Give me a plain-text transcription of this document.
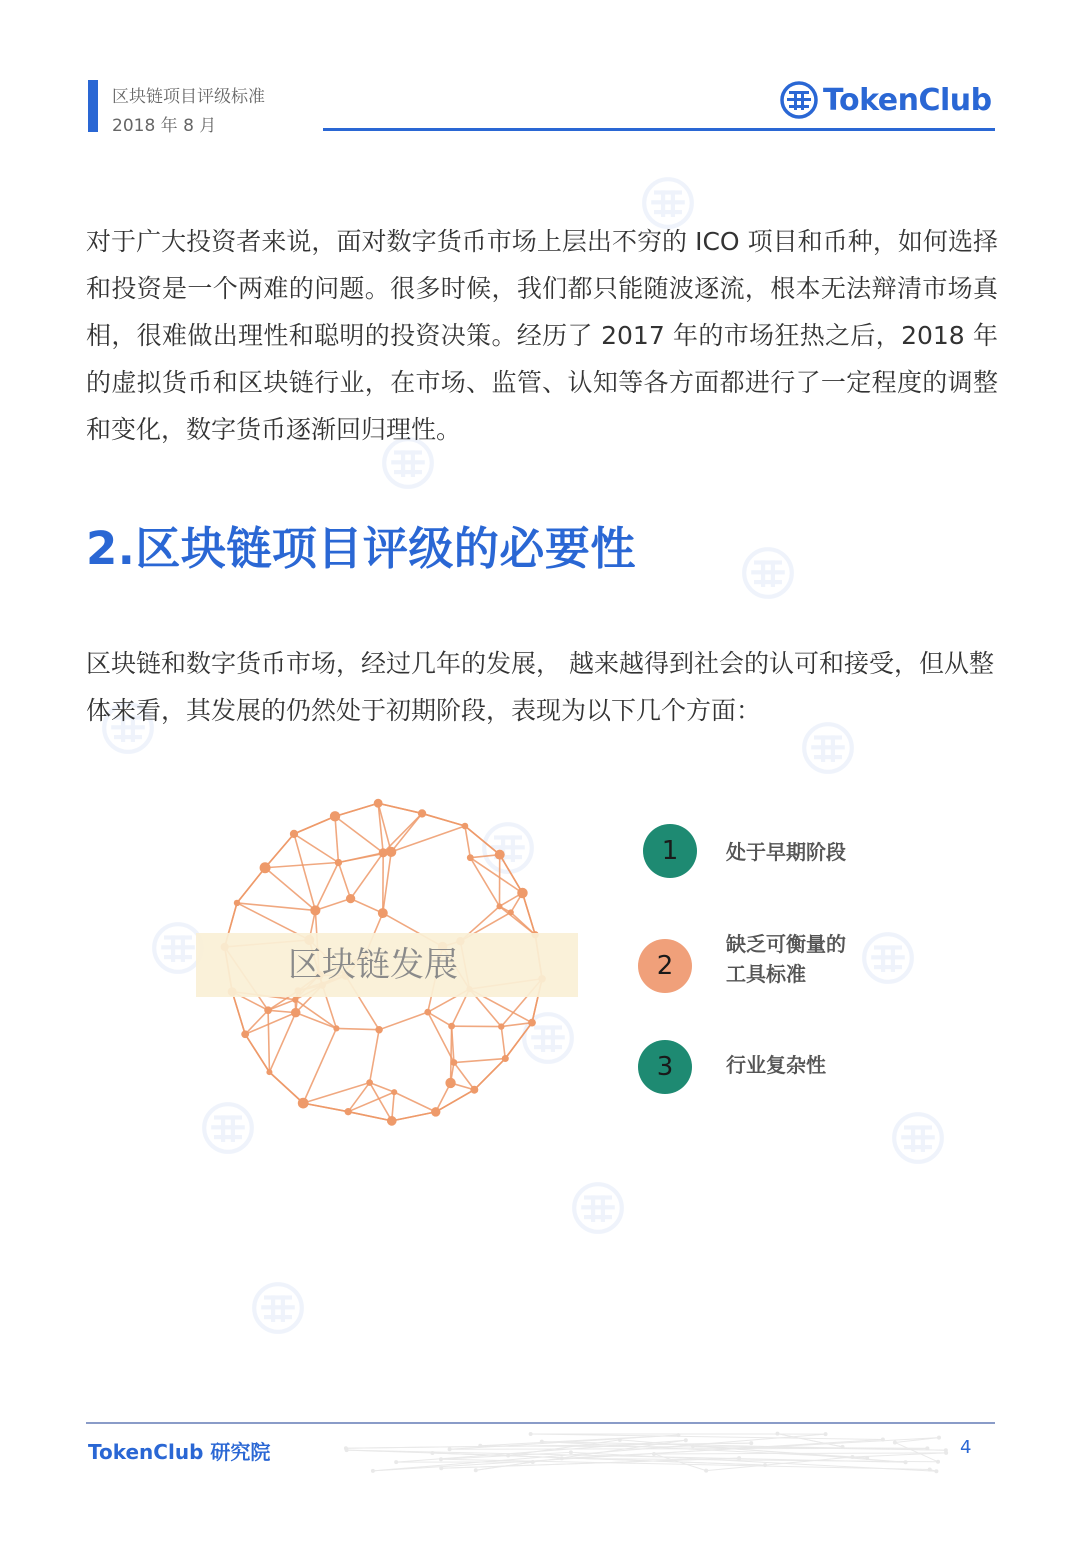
区块链项目评级标准
2018 年 8 月
TokenClub
对于广大投资者来说，面对数字货币市场上层出不穷的 ICO 项目和币种，如何选择和投资是一个两难的问题。很多时候，我们都只能随波逐流，根本无法辩清市场真相，很难做出理性和聪明的投资决策。经历了 2017 年的市场狂热之后，2018 年的虚拟货币和区块链行业，在市场、监管、认知等各方面都进行了一定程度的调整和变化，数字货币逐渐回归理性。
2.区块链项目评级的必要性
区块链和数字货币市场，经过几年的发展， 越来越得到社会的认可和接受，但从整体来看，其发展的仍然处于初期阶段，表现为以下几个方面：
区块链发展
1	处于早期阶段
2
缺乏可衡量的
工具标准
3	行业复杂性
TokenClub 研究院	4
